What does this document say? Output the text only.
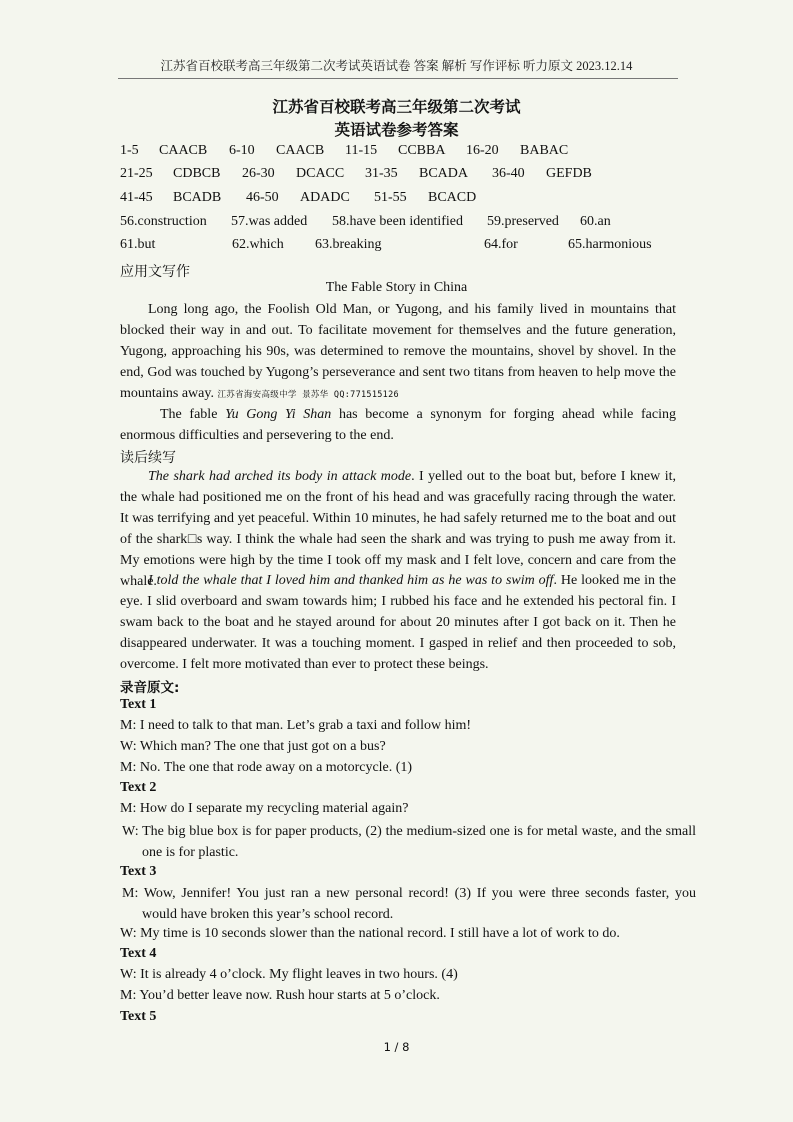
江苏省百校联考高三年级第二次考试英语试卷 答案 解析 写作评标 听力原文 2023.12.14
江苏省百校联考高三年级第二次考试
英语试卷参考答案
1-5 CAACB 6-10 CAACB 11-15 CCBBA 16-20 BABAC
21-25 CDBCB 26-30 DCACC 31-35 BCADA 36-40 GEFDB
41-45 BCADB 46-50 ADADC 51-55 BCACD
56.construction 57.was added 58.have been identified 59.preserved 60.an
61.but	62.which 63.breaking	64.for	65.harmonious
应用文写作
The Fable Story in China

Long long ago, the Foolish Old Man, or Yugong, and his family lived in mountains that blocked their way in and out. To facilitate movement for themselves and the future generation, Yugong, approaching his 90s, was determined to remove the mountains, shovel by shovel. In the end, God was touched by Yugong’s perseverance and sent two titans from heaven to help move the mountains away. 江苏省海安高级中学 景苏华 QQ:771515126

The fable Yu Gong Yi Shan has become a synonym for forging ahead while facing enormous difficulties and persevering to the end.

读后续写

The shark had arched its body in attack mode. I yelled out to the boat but, before I knew it, the whale had positioned me on the front of his head and was gracefully racing through the water. It was terrifying and yet peaceful. Within 10 minutes, he had safely returned me to the boat and out of the shark□s way. I think the whale had seen the shark and was trying to push me away from it. My emotions were high by the time I took off my mask and I felt love, concern and care from the whale.

I told the whale that I loved him and thanked him as he was to swim off. He looked me in the eye. I slid overboard and swam towards him; I rubbed his face and he extended his pectoral fin. I swam back to the boat and he stayed around for about 20 minutes after I got back on it. Then he disappeared underwater. It was a touching moment. I gasped in relief and then proceeded to sob, overcome. I felt more motivated than ever to protect these beings.

录音原文:
Text 1
M: I need to talk to that man. Let’s grab a taxi and follow him!
W: Which man? The one that just got on a bus?
M: No. The one that rode away on a motorcycle. (1)
Text 2
M: How do I separate my recycling material again?

W: The big blue box is for paper products, (2) the medium-sized one is for metal waste, and the small one is for plastic.

Text 3

M: Wow, Jennifer! You just ran a new personal record! (3) If you were three seconds faster, you would have broken this year’s school record.

W: My time is 10 seconds slower than the national record. I still have a lot of work to do.
Text 4
W: It is already 4 o’clock. My flight leaves in two hours. (4)
M: You’d better leave now. Rush hour starts at 5 o’clock.
Text 5
1 / 8
